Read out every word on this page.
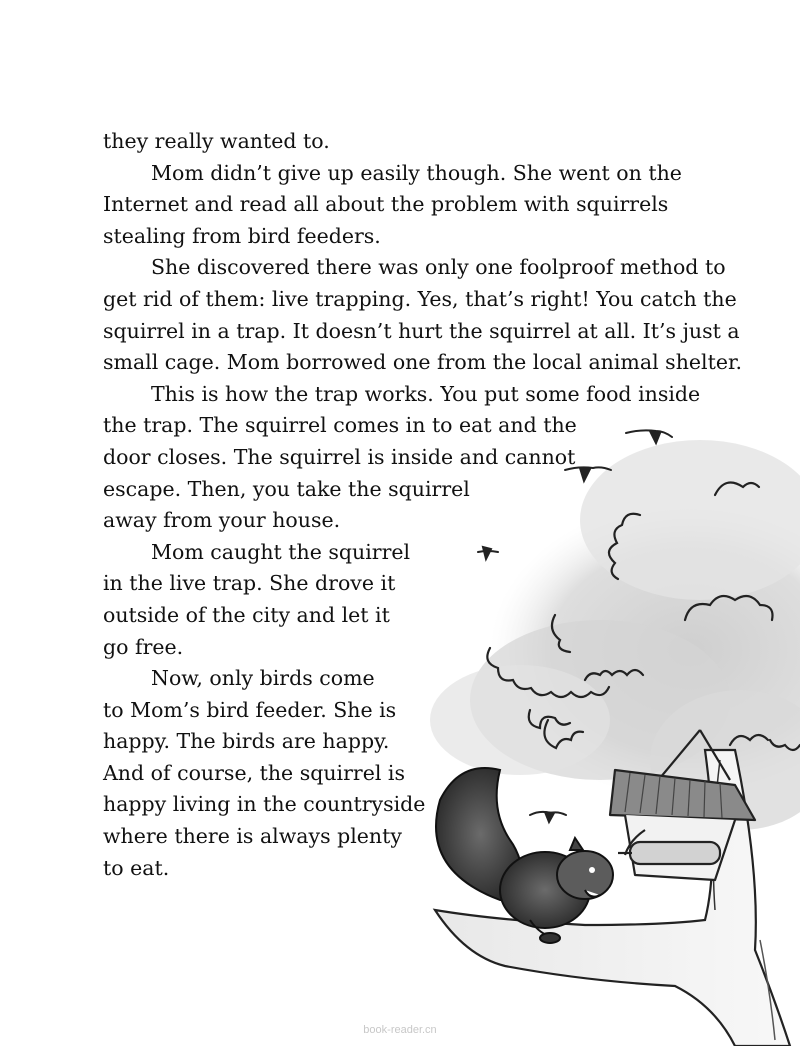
they really wanted to.
Mom didn’t give up easily though. She went on the
Internet and read all about the problem with squirrels
stealing from bird feeders.
She discovered there was only one foolproof method to
get rid of them: live trapping. Yes, that’s right! You catch the
squirrel in a trap. It doesn’t hurt the squirrel at all. It’s just a
small cage. Mom borrowed one from the local animal shelter.
This is how the trap works. You put some food inside
the trap. The squirrel comes in to eat and the
door closes. The squirrel is inside and cannot
escape. Then, you take the squirrel
away from your house.
Mom caught the squirrel
in the live trap. She drove it
outside of the city and let it
go free.
Now, only birds come
to Mom’s bird feeder. She is
happy. The birds are happy.
And of course, the squirrel is
happy living in the countryside
where there is always plenty
to eat.
book-reader.cn
